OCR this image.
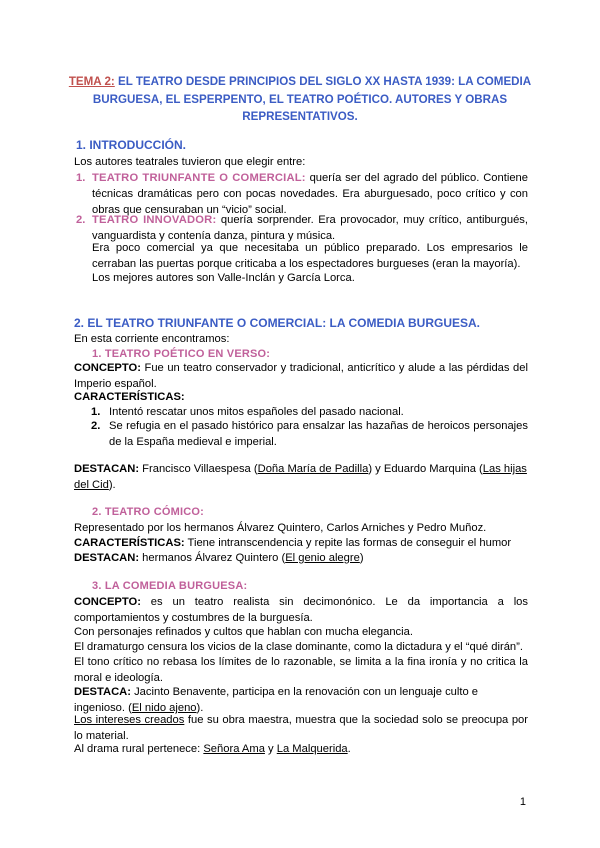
TEMA 2: EL TEATRO DESDE PRINCIPIOS DEL SIGLO XX HASTA 1939: LA COMEDIA BURGUESA, EL ESPERPENTO, EL TEATRO POÉTICO. AUTORES Y OBRAS REPRESENTATIVOS.
1. INTRODUCCIÓN.
Los autores teatrales tuvieron que elegir entre:
1. TEATRO TRIUNFANTE O COMERCIAL: quería ser del agrado del público. Contiene técnicas dramáticas pero con pocas novedades. Era aburguesado, poco crítico y con obras que censuraban un “vicio” social.
2. TEATRO INNOVADOR: quería sorprender. Era provocador, muy crítico, antiburgués, vanguardista y contenía danza, pintura y música.
Era poco comercial ya que necesitaba un público preparado. Los empresarios le cerraban las puertas porque criticaba a los espectadores burgueses (eran la mayoría).
Los mejores autores son Valle-Inclán y García Lorca.
2. EL TEATRO TRIUNFANTE O COMERCIAL: LA COMEDIA BURGUESA.
En esta corriente encontramos:
1. TEATRO POÉTICO EN VERSO:
CONCEPTO: Fue un teatro conservador y tradicional, anticrítico y alude a las pérdidas del Imperio español.
CARACTERÍSTICAS:
1. Intentó rescatar unos mitos españoles del pasado nacional.
2. Se refugia en el pasado histórico para ensalzar las hazañas de heroicos personajes de la España medieval e imperial.
DESTACAN: Francisco Villaespesa (Doña María de Padilla) y Eduardo Marquina (Las hijas del Cid).
2. TEATRO CÓMICO:
Representado por los hermanos Álvarez Quintero, Carlos Arniches y Pedro Muñoz.
CARACTERÍSTICAS: Tiene intranscendencia y repite las formas de conseguir el humor
DESTACAN: hermanos Álvarez Quintero (El genio alegre)
3. LA COMEDIA BURGUESA:
CONCEPTO: es un teatro realista sin decimonónico. Le da importancia a los comportamientos y costumbres de la burguesía.
Con personajes refinados y cultos que hablan con mucha elegancia.
El dramaturgo censura los vicios de la clase dominante, como la dictadura y el “qué dirán”.
El tono crítico no rebasa los límites de lo razonable, se limita a la fina ironía y no critica la moral e ideología.
DESTACA: Jacinto Benavente, participa en la renovación con un lenguaje culto e ingenioso. (El nido ajeno).
Los intereses creados fue su obra maestra, muestra que la sociedad solo se preocupa por lo material.
Al drama rural pertenece: Señora Ama y La Malquerida.
1
